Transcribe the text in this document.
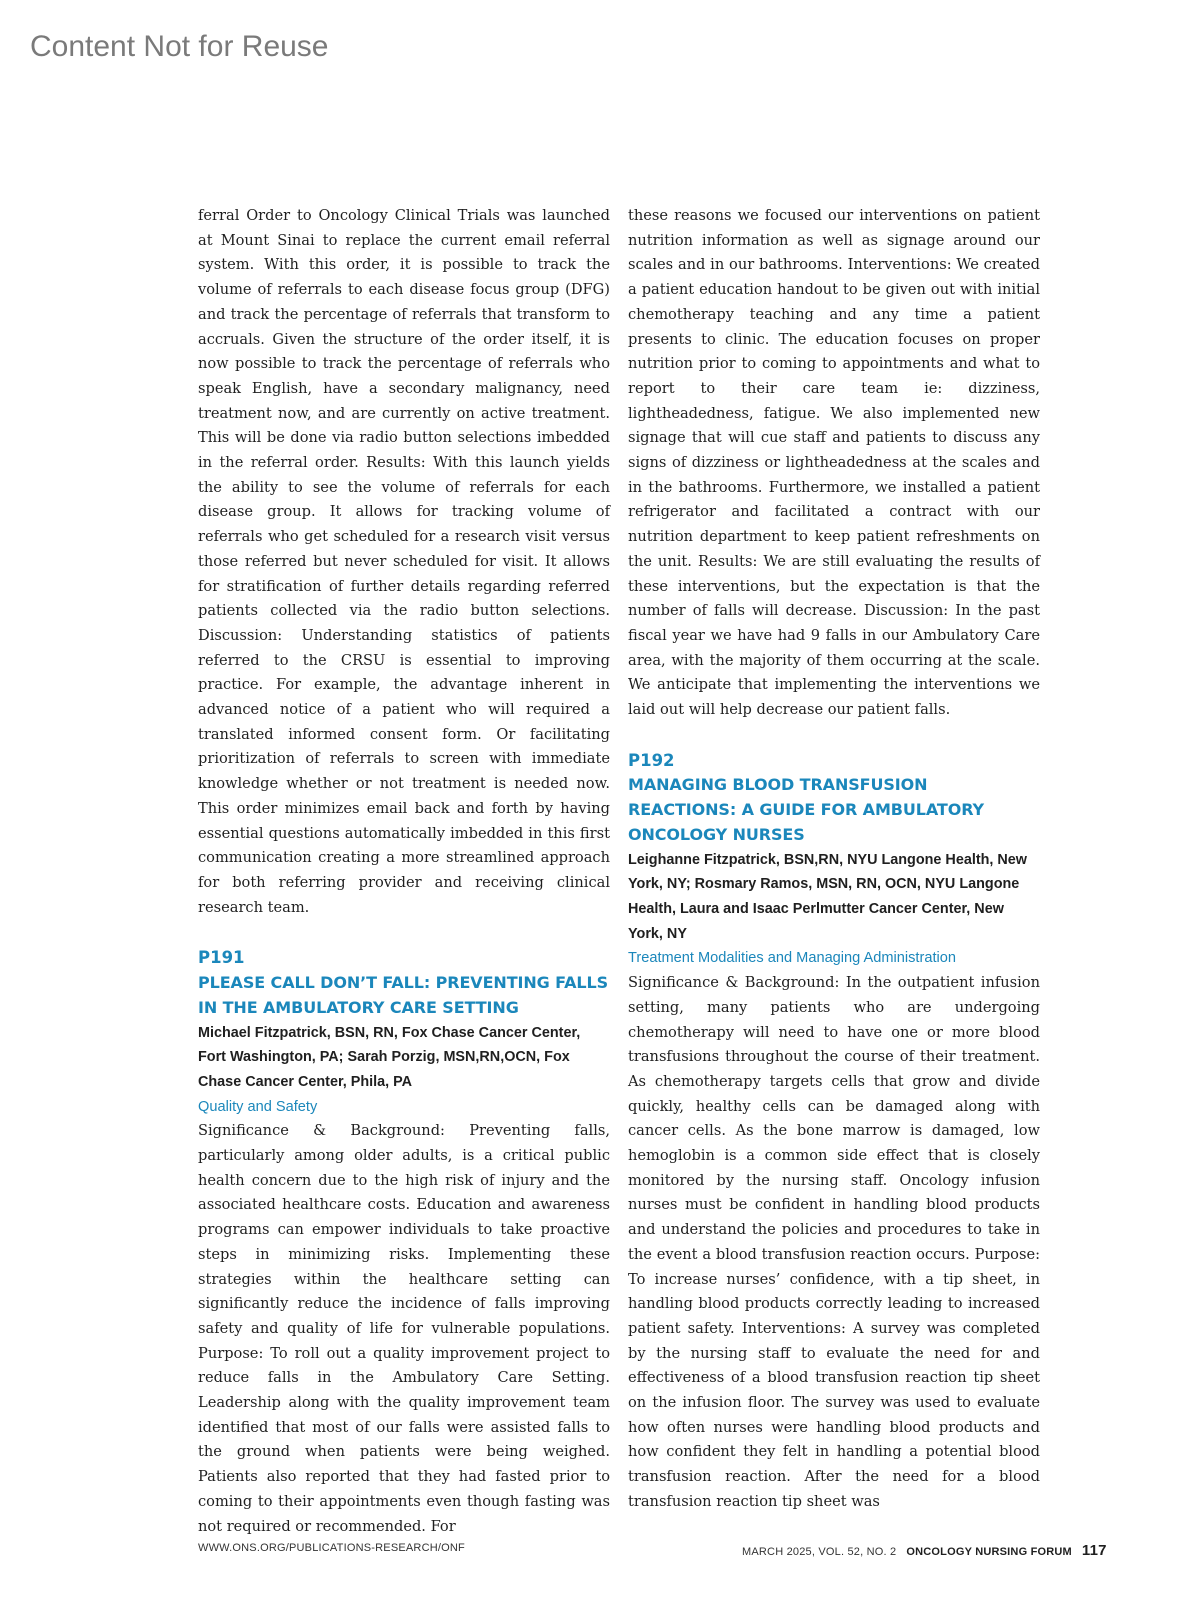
Content Not for Reuse

ferral Order to Oncology Clinical Trials was launched at Mount Sinai to replace the current email referral system. With this order, it is possible to track the volume of referrals to each disease focus group (DFG) and track the percentage of referrals that transform to accruals. Given the structure of the order itself, it is now possible to track the percentage of referrals who speak English, have a secondary malignancy, need treatment now, and are currently on active treatment. This will be done via radio button selections imbedded in the referral order. Results: With this launch yields the ability to see the volume of referrals for each disease group. It allows for tracking volume of referrals who get scheduled for a research visit versus those referred but never scheduled for visit. It allows for stratification of further details regarding referred patients collected via the radio button selections. Discussion: Understanding statistics of patients referred to the CRSU is essential to improving practice. For example, the advantage inherent in advanced notice of a patient who will required a translated informed consent form. Or facilitating prioritization of referrals to screen with immediate knowledge whether or not treatment is needed now. This order minimizes email back and forth by having essential questions automatically imbedded in this first communication creating a more streamlined approach for both referring provider and receiving clinical research team.

P191
PLEASE CALL DON’T FALL: PREVENTING FALLS IN THE AMBULATORY CARE SETTING
Michael Fitzpatrick, BSN, RN, Fox Chase Cancer Center, Fort Washington, PA; Sarah Porzig, MSN,RN,OCN, Fox Chase Cancer Center, Phila, PA
Quality and Safety

Significance & Background: Preventing falls, particularly among older adults, is a critical public health concern due to the high risk of injury and the associated healthcare costs. Education and awareness programs can empower individuals to take proactive steps in minimizing risks. Implementing these strategies within the healthcare setting can significantly reduce the incidence of falls improving safety and quality of life for vulnerable populations. Purpose: To roll out a quality improvement project to reduce falls in the Ambulatory Care Setting. Leadership along with the quality improvement team identified that most of our falls were assisted falls to the ground when patients were being weighed. Patients also reported that they had fasted prior to coming to their appointments even though fasting was not required or recommended. For

these reasons we focused our interventions on patient nutrition information as well as signage around our scales and in our bathrooms. Interventions: We created a patient education handout to be given out with initial chemotherapy teaching and any time a patient presents to clinic. The education focuses on proper nutrition prior to coming to appointments and what to report to their care team ie: dizziness, lightheadedness, fatigue. We also implemented new signage that will cue staff and patients to discuss any signs of dizziness or lightheadedness at the scales and in the bathrooms. Furthermore, we installed a patient refrigerator and facilitated a contract with our nutrition department to keep patient refreshments on the unit. Results: We are still evaluating the results of these interventions, but the expectation is that the number of falls will decrease. Discussion: In the past fiscal year we have had 9 falls in our Ambulatory Care area, with the majority of them occurring at the scale. We anticipate that implementing the interventions we laid out will help decrease our patient falls.

P192
MANAGING BLOOD TRANSFUSION REACTIONS: A GUIDE FOR AMBULATORY ONCOLOGY NURSES
Leighanne Fitzpatrick, BSN,RN, NYU Langone Health, New York, NY; Rosmary Ramos, MSN, RN, OCN, NYU Langone Health, Laura and Isaac Perlmutter Cancer Center, New York, NY
Treatment Modalities and Managing Administration

Significance & Background: In the outpatient infusion setting, many patients who are undergoing chemotherapy will need to have one or more blood transfusions throughout the course of their treatment. As chemotherapy targets cells that grow and divide quickly, healthy cells can be damaged along with cancer cells. As the bone marrow is damaged, low hemoglobin is a common side effect that is closely monitored by the nursing staff. Oncology infusion nurses must be confident in handling blood products and understand the policies and procedures to take in the event a blood transfusion reaction occurs. Purpose: To increase nurses’ confidence, with a tip sheet, in handling blood products correctly leading to increased patient safety. Interventions: A survey was completed by the nursing staff to evaluate the need for and effectiveness of a blood transfusion reaction tip sheet on the infusion floor. The survey was used to evaluate how often nurses were handling blood products and how confident they felt in handling a potential blood transfusion reaction. After the need for a blood transfusion reaction tip sheet was

WWW.ONS.ORG/PUBLICATIONS-RESEARCH/ONF	MARCH 2025, VOL. 52, NO. 2 ONCOLOGY NURSING FORUM 117
